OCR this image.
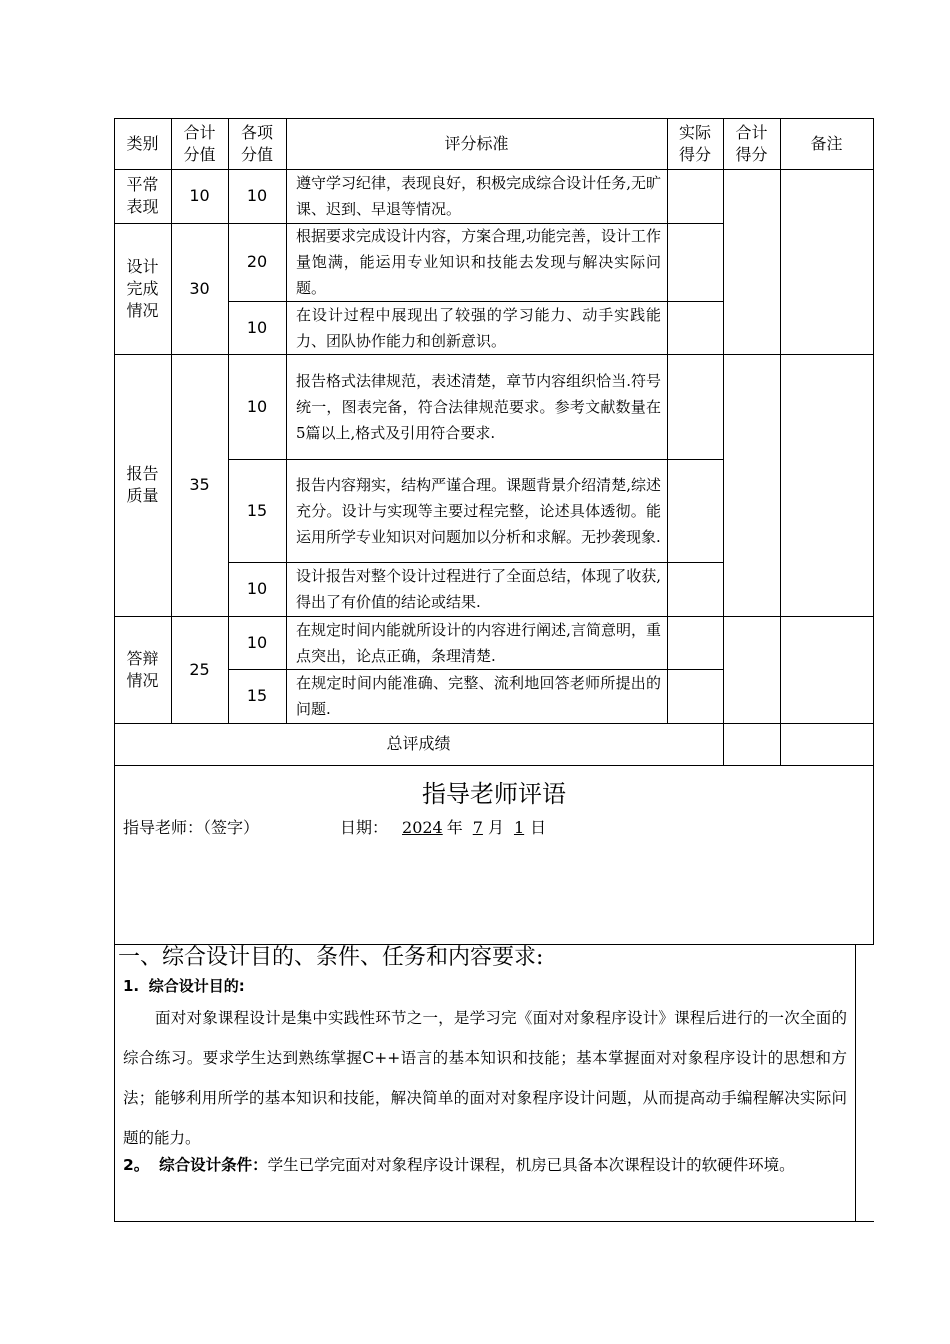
类别
合计
分值
各项
分值
评分标准
实际
得分
合计
得分
备注
平常
表现
10 10
遵守学习纪律，表现良好，积极完成综合设计任务,无旷课、迟到、早退等情况。
设计
完成
情况
30
20
根据要求完成设计内容，方案合理,功能完善，设计工作量饱满，能运用专业知识和技能去发现与解决实际问题。
10
在设计过程中展现出了较强的学习能力、动手实践能力、团队协作能力和创新意识。
报告
质量
35
10
报告格式法律规范，表述清楚，章节内容组织恰当.符号统一，图表完备，符合法律规范要求。参考文献数量在5篇以上,格式及引用符合要求.
15
报告内容翔实，结构严谨合理。课题背景介绍清楚,综述充分。设计与实现等主要过程完整，论述具体透彻。能运用所学专业知识对问题加以分析和求解。无抄袭现象.
10
设计报告对整个设计过程进行了全面总结，体现了收获,得出了有价值的结论或结果.
答辩
情况
25
10
在规定时间内能就所设计的内容进行阐述,言简意明，重点突出，论点正确，条理清楚.
15
在规定时间内能准确、完整、流利地回答老师所提出的问题.
总评成绩
指导老师评语
指导老师：（签字）	日期： 2024 年 7 月 1 日
一、综合设计目的、条件、任务和内容要求:
1. 综合设计目的:
面对对象课程设计是集中实践性环节之一，是学习完《面对对象程序设计》课程后进行的一次全面的综合练习。要求学生达到熟练掌握C++语言的基本知识和技能；基本掌握面对对象程序设计的思想和方法；能够利用所学的基本知识和技能，解决简单的面对对象程序设计问题，从而提高动手编程解决实际问题的能力。
2。 综合设计条件：学生已学完面对对象程序设计课程，机房已具备本次课程设计的软硬件环境。
